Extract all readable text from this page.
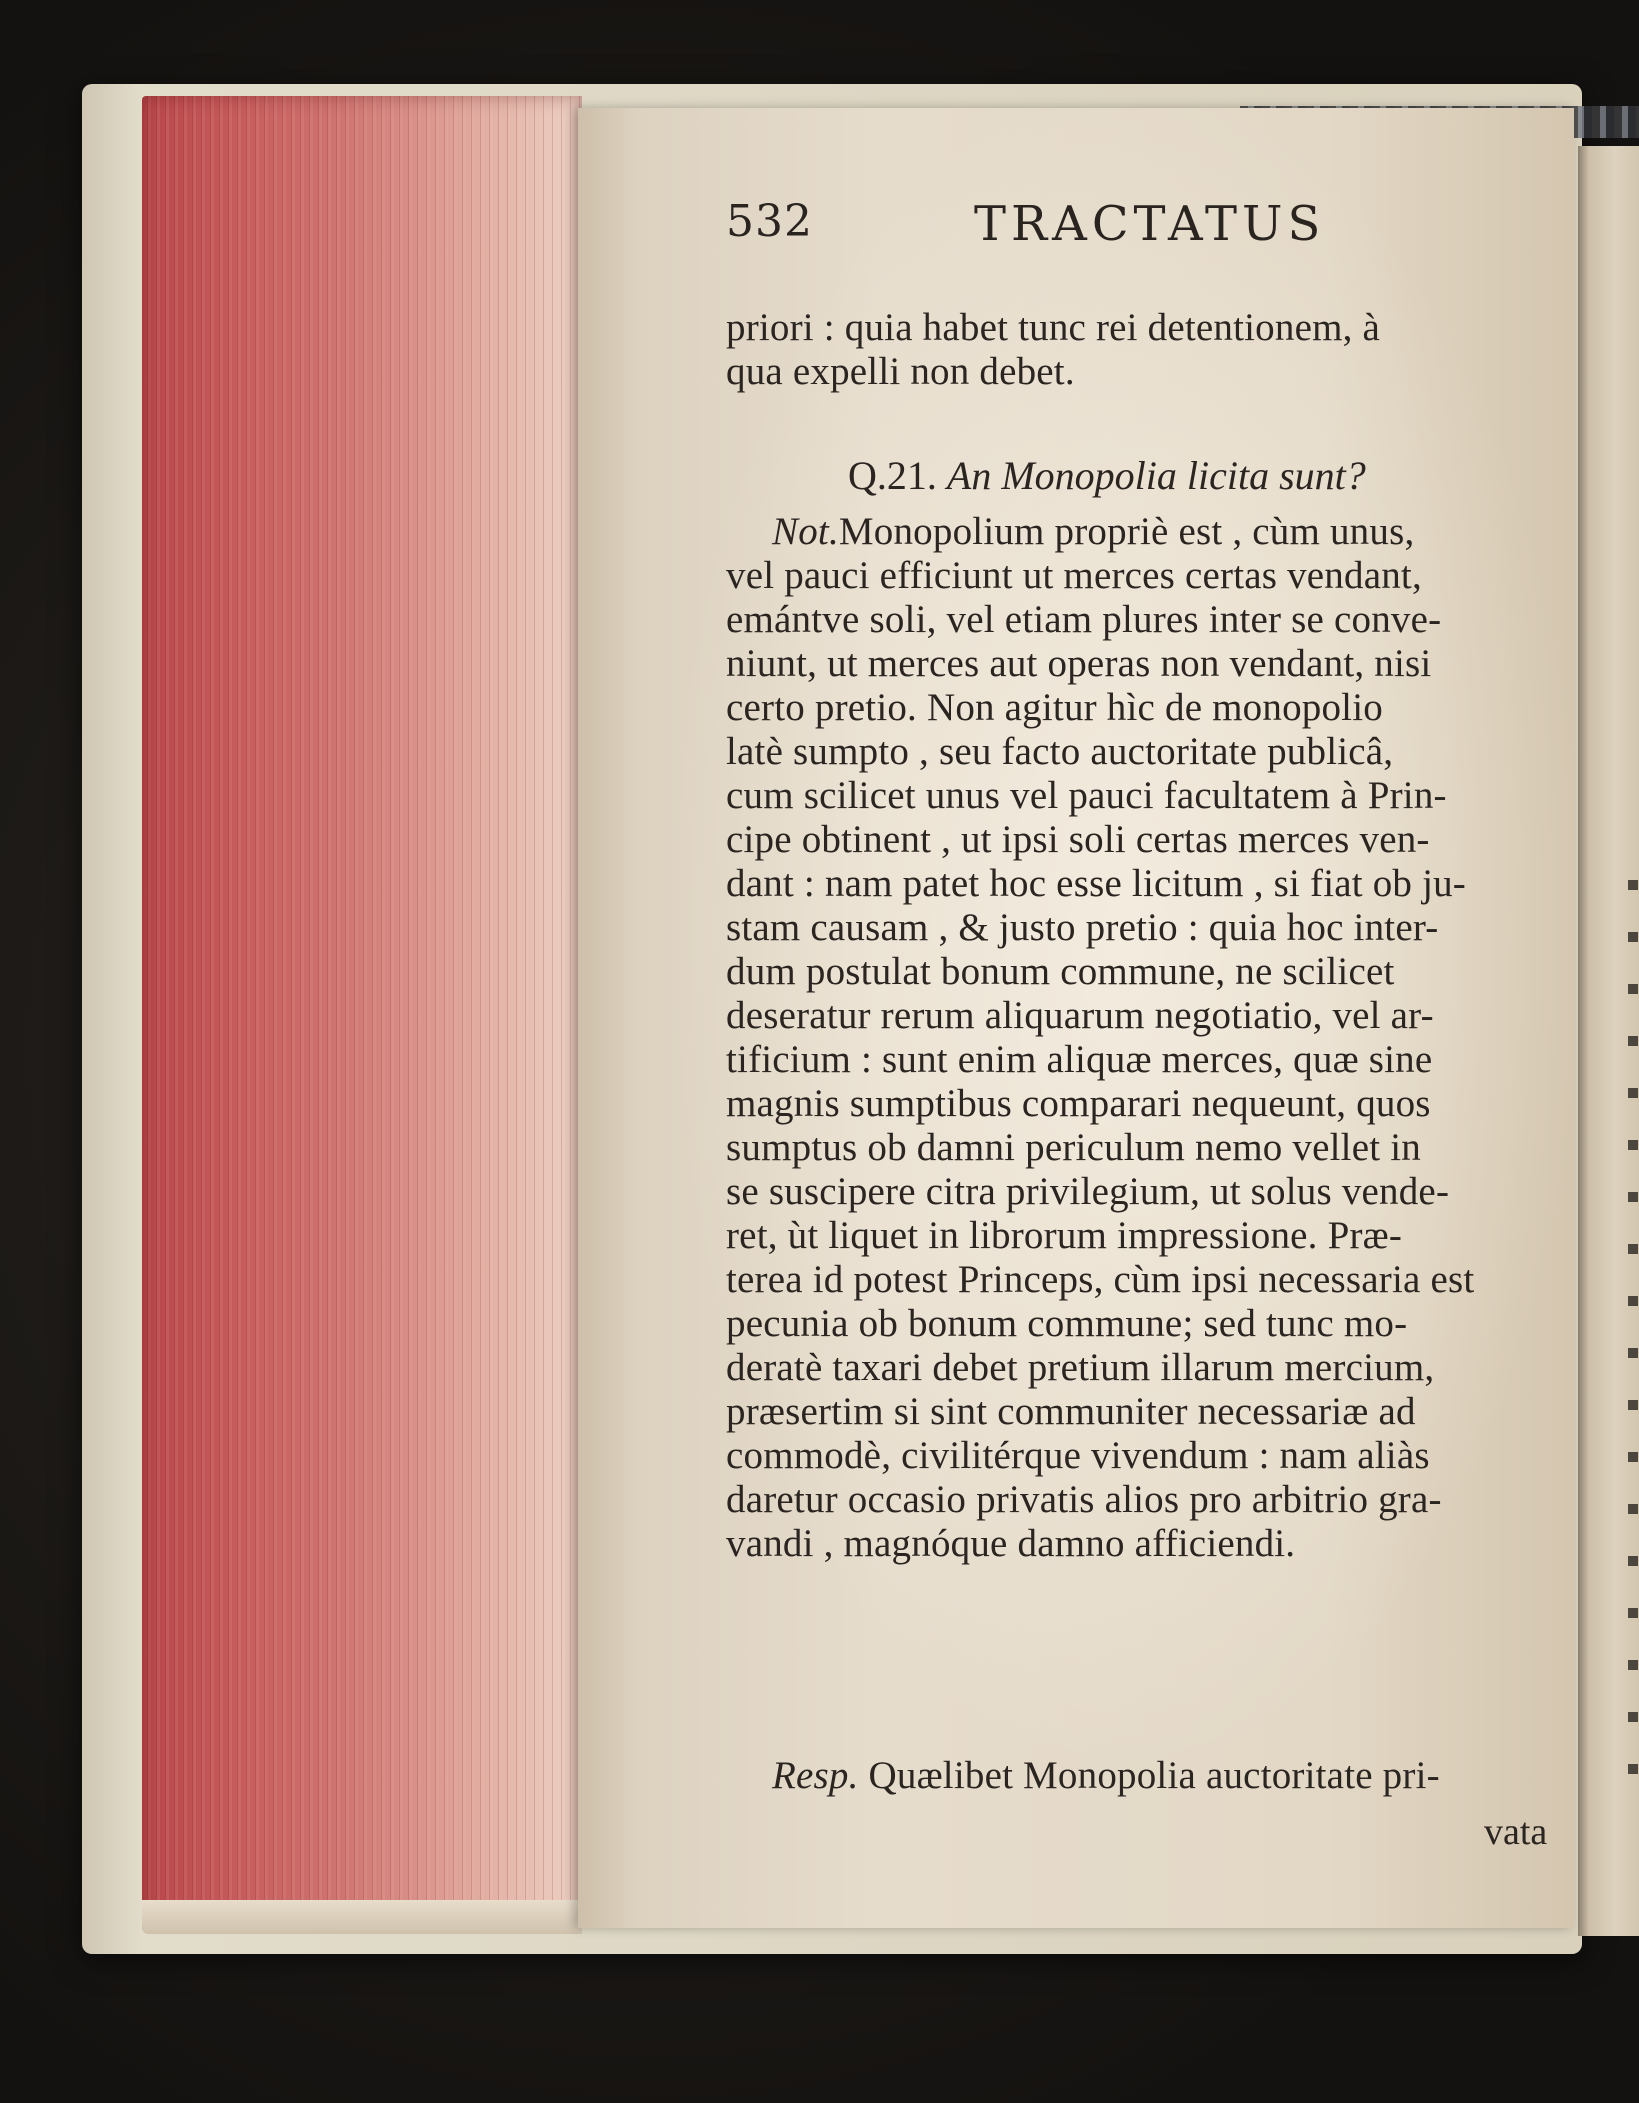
532	TRACTATUS
priori : quia habet tunc rei detentionem, à
qua expelli non debet.
Q.21. An Monopolia licita sunt?
Not.Monopolium propriè est , cùm unus,
vel pauci efficiunt ut merces certas vendant,
emántve soli, vel etiam plures inter se conve-
niunt, ut merces aut operas non vendant, nisi
certo pretio. Non agitur hìc de monopolio
latè sumpto , seu facto auctoritate publicâ,
cum scilicet unus vel pauci facultatem à Prin-
cipe obtinent , ut ipsi soli certas merces ven-
dant : nam patet hoc esse licitum , si fiat ob ju-
stam causam , & justo pretio : quia hoc inter-
dum postulat bonum commune, ne scilicet
deseratur rerum aliquarum negotiatio, vel ar-
tificium : sunt enim aliquæ merces, quæ sine
magnis sumptibus comparari nequeunt, quos
sumptus ob damni periculum nemo vellet in
se suscipere citra privilegium, ut solus vende-
ret, ùt liquet in librorum impressione. Præ-
terea id potest Princeps, cùm ipsi necessaria est
pecunia ob bonum commune; sed tunc mo-
deratè taxari debet pretium illarum mercium,
præsertim si sint communiter necessariæ ad
commodè, civilitérque vivendum : nam aliàs
daretur occasio privatis alios pro arbitrio gra-
vandi , magnóque damno afficiendi.
Resp. Quælibet Monopolia auctoritate pri-
vata
